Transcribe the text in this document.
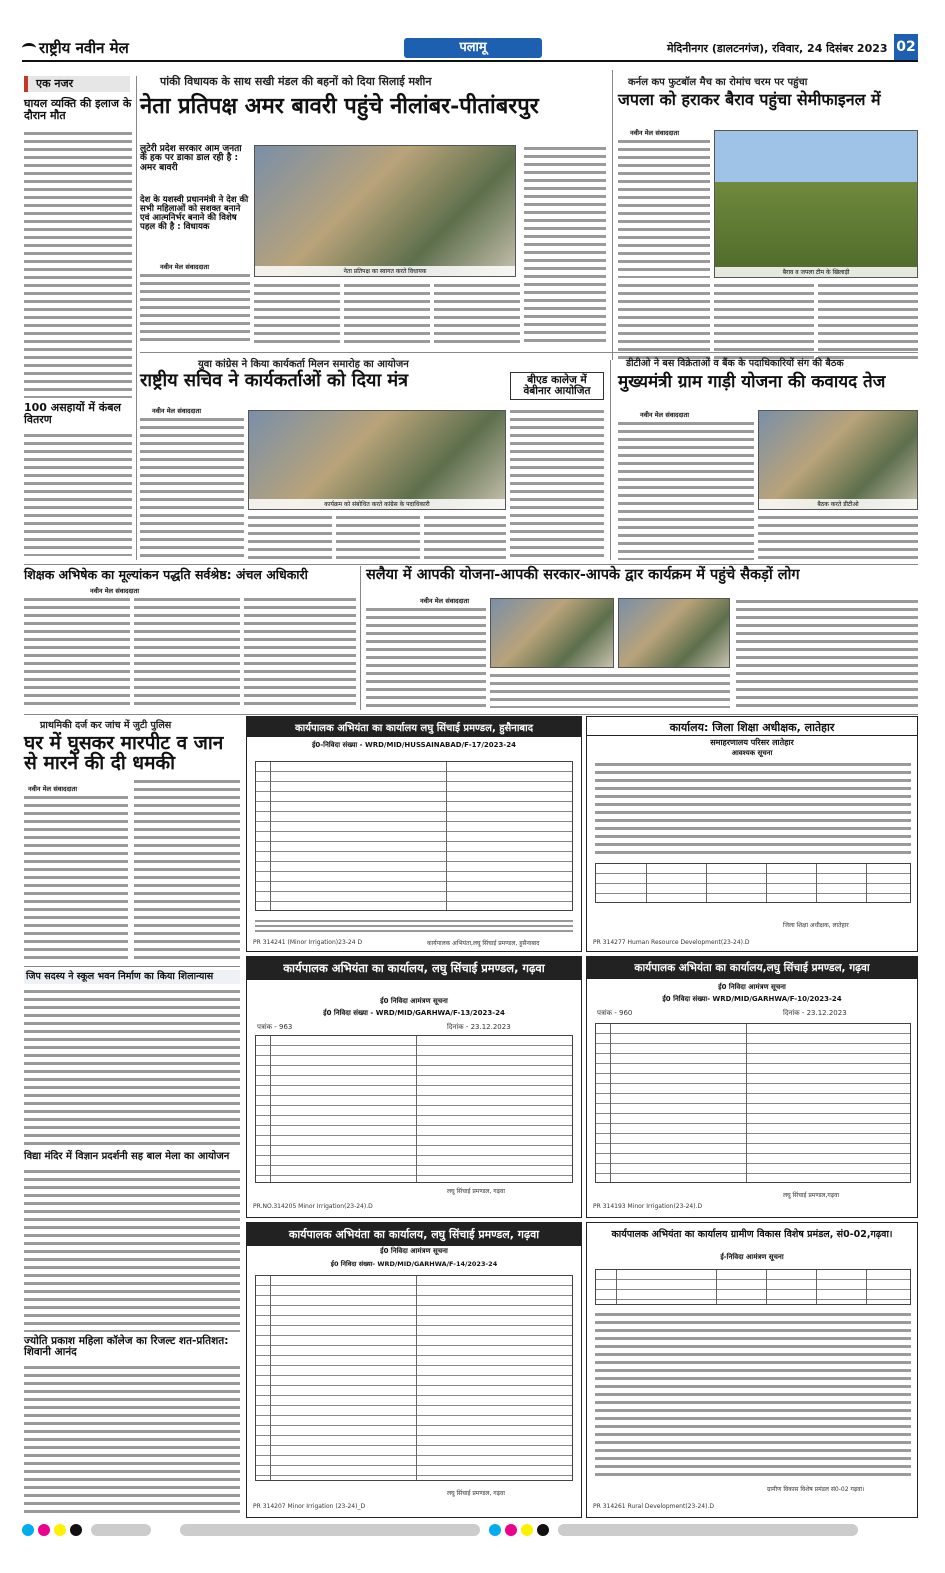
राष्ट्रीय नवीन मेल	पलामू	मेदिनीनगर (डालटनगंज), रविवार, 24 दिसंबर 2023 02
एक नजर
घायल व्यक्ति की इलाज के दौरान मौत
100 असहायों में कंबल वितरण
पांकी विधायक के साथ सखी मंडल की बहनों को दिया सिलाई मशीन
नेता प्रतिपक्ष अमर बावरी पहुंचे नीलांबर-पीतांबरपुर
लुटेरी प्रदेश सरकार आम जनता के हक पर डाका डाल रही है : अमर बावरी
देश के यशस्वी प्रधानमंत्री ने देश की सभी महिलाओं को सशक्त बनाने एवं आत्मनिर्भर बनाने की विशेष पहल की है : विधायक
नवीन मेल संवाददाता
नेता प्रतिपक्ष का स्वागत करते विधायक
कर्नल कप फुटबॉल मैच का रोमांच चरम पर पहुंचा
जपला को हराकर बैराव पहुंचा सेमीफाइनल में
नवीन मेल संवाददाता
बैराव व जपला टीम के खिलाड़ी
युवा कांग्रेस ने किया कार्यकर्ता मिलन समारोह का आयोजन
राष्ट्रीय सचिव ने कार्यकर्ताओं को दिया मंत्र
नवीन मेल संवाददाता
कार्यक्रम को संबोधित करते कांग्रेस के पदाधिकारी
बीएड कालेज में वेबीनार आयोजित
डीटीओ ने बस विक्रेताओं व बैंक के पदाधिकारियों संग की बैठक
मुख्यमंत्री ग्राम गाड़ी योजना की कवायद तेज
नवीन मेल संवाददाता
बैठक करते डीटीओ
शिक्षक अभिषेक का मूल्यांकन पद्धति सर्वश्रेष्ठ: अंचल अधिकारी
नवीन मेल संवाददाता
सलैया में आपकी योजना-आपकी सरकार-आपके द्वार कार्यक्रम में पहुंचे सैकड़ों लोग
नवीन मेल संवाददाता
प्राथमिकी दर्ज कर जांच में जुटी पुलिस
घर में घुसकर मारपीट व जान से मारने की दी धमकी
नवीन मेल संवाददाता
जिप सदस्य ने स्कूल भवन निर्माण का किया शिलान्यास
विद्या मंदिर में विज्ञान प्रदर्शनी सह बाल मेला का आयोजन
ज्योति प्रकाश महिला कॉलेज का रिजल्ट शत-प्रतिशत: शिवानी आनंद
कार्यपालक अभियंता का कार्यालय लघु सिंचाई प्रमण्डल, हुसैनाबाद
ई0-निविदा संख्या - WRD/MID/HUSSAINABAD/F-17/2023-24
PR 314241 (Minor Irrigation)23-24 D	कार्यपालक अभियंता,लघु सिंचाई प्रमण्डल, हुसैनाबाद
कार्यालय: जिला शिक्षा अधीक्षक, लातेहार
समाहरणालय परिसर लातेहार
आवश्यक सूचना
जिला शिक्षा अधीक्षक, लातेहार
PR 314277 Human Resource Development(23-24).D
कार्यपालक अभियंता का कार्यालय, लघु सिंचाई प्रमण्डल, गढ़वा
ई0 निविदा आमंत्रण सूचना
ई0 निविदा संख्या - WRD/MID/GARHWA/F-13/2023-24
पत्रांक - 963	दिनांक - 23.12.2023
लघु सिंचाई प्रमण्डल, गढ़वा
PR.NO.314205 Minor Irrigation(23-24).D
कार्यपालक अभियंता का कार्यालय,लघु सिंचाई प्रमण्डल, गढ़वा
ई0 निविदा आमंत्रण सूचना
ई0 निविदा संख्या- WRD/MID/GARHWA/F-10/2023-24
पत्रांक - 960	दिनांक - 23.12.2023
लघु सिंचाई प्रमण्डल,गढ़वा
PR 314193 Minor Irrigation(23-24).D
कार्यपालक अभियंता का कार्यालय, लघु सिंचाई प्रमण्डल, गढ़वा
ई0 निविदा आमंत्रण सूचना
ई0 निविदा संख्या- WRD/MID/GARHWA/F-14/2023-24
लघु सिंचाई प्रमण्डल, गढ़वा
PR 314207 Minor Irrigation (23-24)_D
कार्यपालक अभियंता का कार्यालय ग्रामीण विकास विशेष प्रमंडल, सं0-02,गढ़वा।
ई-निविदा आमंत्रण सूचना
ग्रामीण विकास विशेष प्रमंडल सं0-02 गढ़वा।
PR 314261 Rural Development(23-24).D
